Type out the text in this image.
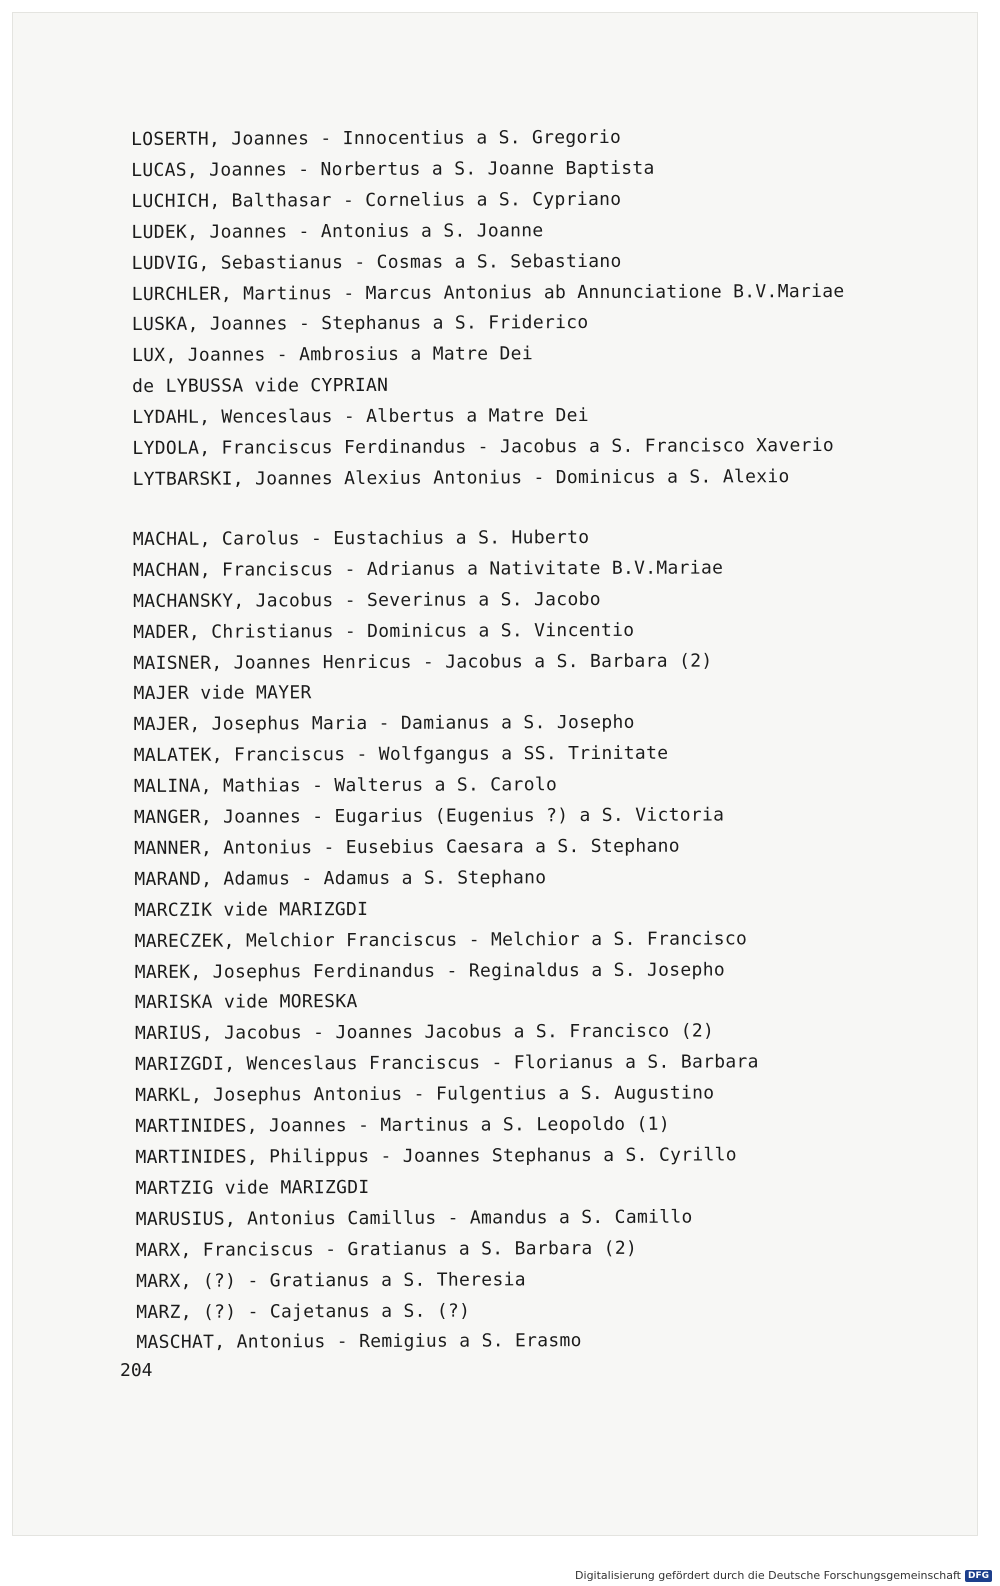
LOSERTH, Joannes - Innocentius a S. Gregorio
LUCAS, Joannes - Norbertus a S. Joanne Baptista
LUCHICH, Balthasar - Cornelius a S. Cypriano
LUDEK, Joannes - Antonius a S. Joanne
LUDVIG, Sebastianus - Cosmas a S. Sebastiano
LURCHLER, Martinus - Marcus Antonius ab Annunciatione B.V.Mariae
LUSKA, Joannes - Stephanus a S. Friderico
LUX, Joannes - Ambrosius a Matre Dei
de LYBUSSA vide CYPRIAN
LYDAHL, Wenceslaus - Albertus a Matre Dei
LYDOLA, Franciscus Ferdinandus - Jacobus a S. Francisco Xaverio
LYTBARSKI, Joannes Alexius Antonius - Dominicus a S. Alexio
MACHAL, Carolus - Eustachius a S. Huberto
MACHAN, Franciscus - Adrianus a Nativitate B.V.Mariae
MACHANSKY, Jacobus - Severinus a S. Jacobo
MADER, Christianus - Dominicus a S. Vincentio
MAISNER, Joannes Henricus - Jacobus a S. Barbara (2)
MAJER vide MAYER
MAJER, Josephus Maria - Damianus a S. Josepho
MALATEK, Franciscus - Wolfgangus a SS. Trinitate
MALINA, Mathias - Walterus a S. Carolo
MANGER, Joannes - Eugarius (Eugenius ?) a S. Victoria
MANNER, Antonius - Eusebius Caesara a S. Stephano
MARAND, Adamus - Adamus a S. Stephano
MARCZIK vide MARIZGDI
MARECZEK, Melchior Franciscus - Melchior a S. Francisco
MAREK, Josephus Ferdinandus - Reginaldus a S. Josepho
MARISKA vide MORESKA
MARIUS, Jacobus - Joannes Jacobus a S. Francisco (2)
MARIZGDI, Wenceslaus Franciscus - Florianus a S. Barbara
MARKL, Josephus Antonius - Fulgentius a S. Augustino
MARTINIDES, Joannes - Martinus a S. Leopoldo (1)
MARTINIDES, Philippus - Joannes Stephanus a S. Cyrillo
MARTZIG vide MARIZGDI
MARUSIUS, Antonius Camillus - Amandus a S. Camillo
MARX, Franciscus - Gratianus a S. Barbara (2)
MARX, (?) - Gratianus a S. Theresia
MARZ, (?) - Cajetanus a S. (?)
MASCHAT, Antonius - Remigius a S. Erasmo
204
Digitalisierung gefördert durch die Deutsche Forschungsgemeinschaft DFG
